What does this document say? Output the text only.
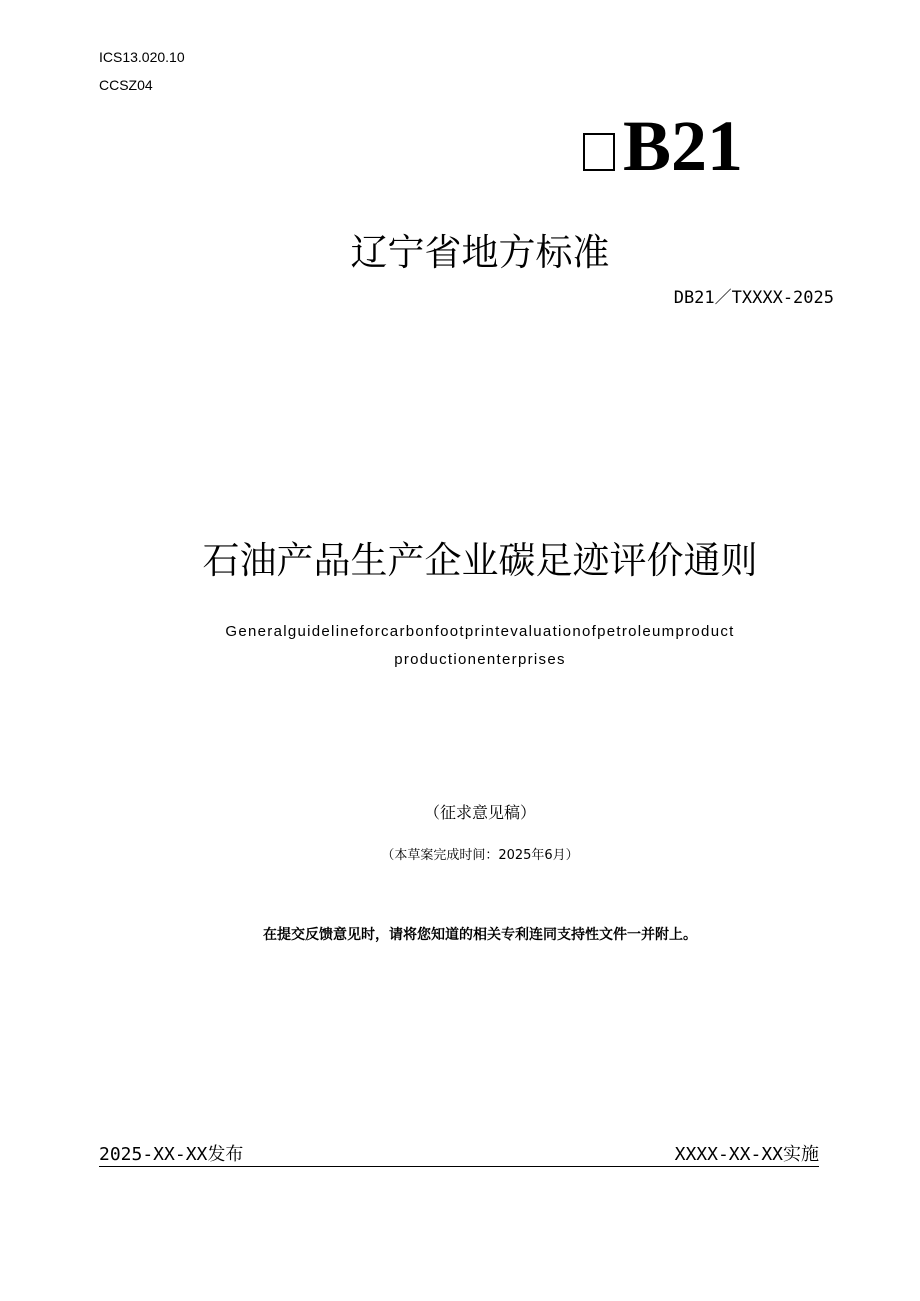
ICS13.020.10
CCSZ04
B21
辽宁省地方标准
DB21／TXXXX-2025
石油产品生产企业碳足迹评价通则
Generalguidelineforcarbonfootprintevaluationofpetroleumproduct
productionenterprises
（征求意见稿）
（本草案完成时间：2025年6月）
在提交反馈意见时，请将您知道的相关专利连同支持性文件一并附上。
2025-XX-XX发布	XXXX-XX-XX实施
